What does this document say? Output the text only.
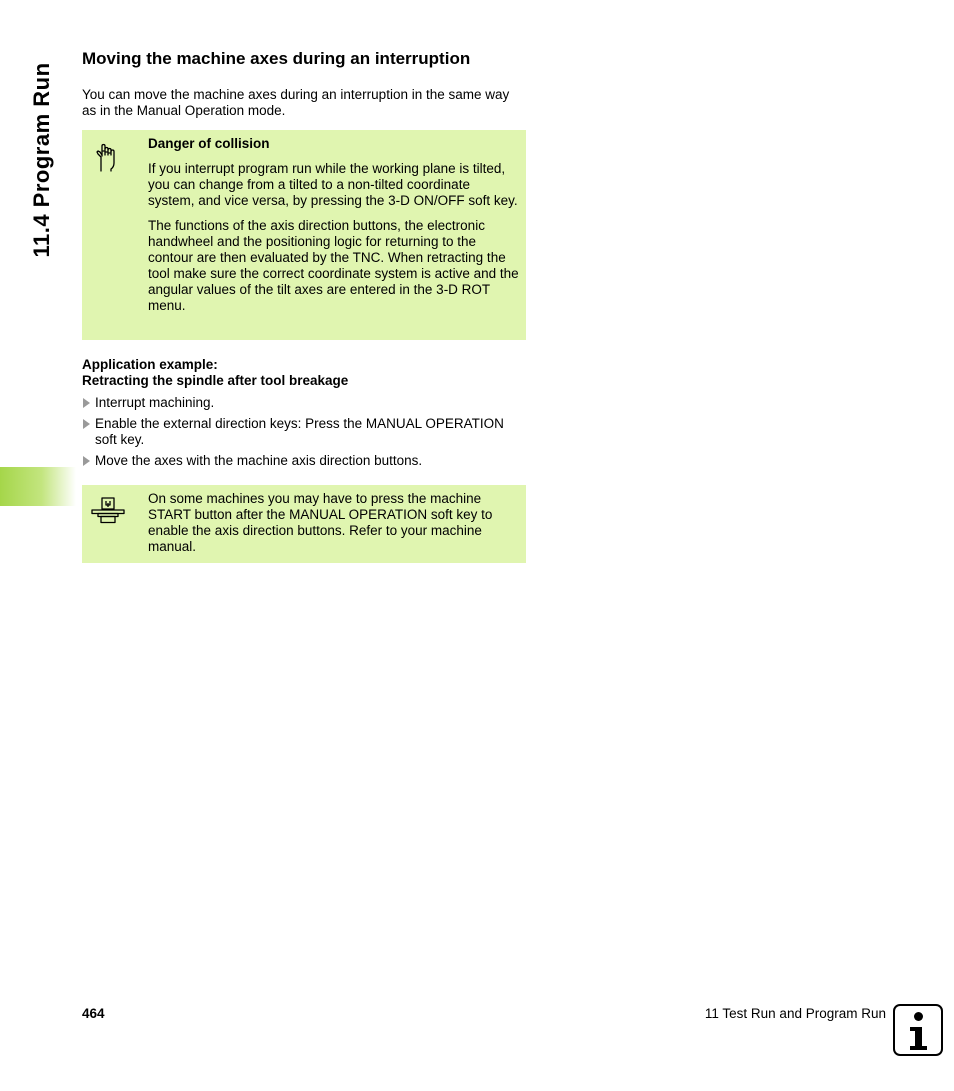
11.4 Program Run
Moving the machine axes during an interruption

You can move the machine axes during an interruption in the same way as in the Manual Operation mode.

Danger of collision

If you interrupt program run while the working plane is tilted, you can change from a tilted to a non-tilted coordinate system, and vice versa, by pressing the 3-D ON/OFF soft key.

The functions of the axis direction buttons, the electronic handwheel and the positioning logic for returning to the contour are then evaluated by the TNC. When retracting the tool make sure the correct coordinate system is active and the angular values of the tilt axes are entered in the 3-D ROT menu.

Application example:
Retracting the spindle after tool breakage

Interrupt machining.
Enable the external direction keys: Press the MANUAL OPERATION soft key.
Move the axes with the machine axis direction buttons.

On some machines you may have to press the machine START button after the MANUAL OPERATION soft key to enable the axis direction buttons. Refer to your machine manual.

464	11 Test Run and Program Run
